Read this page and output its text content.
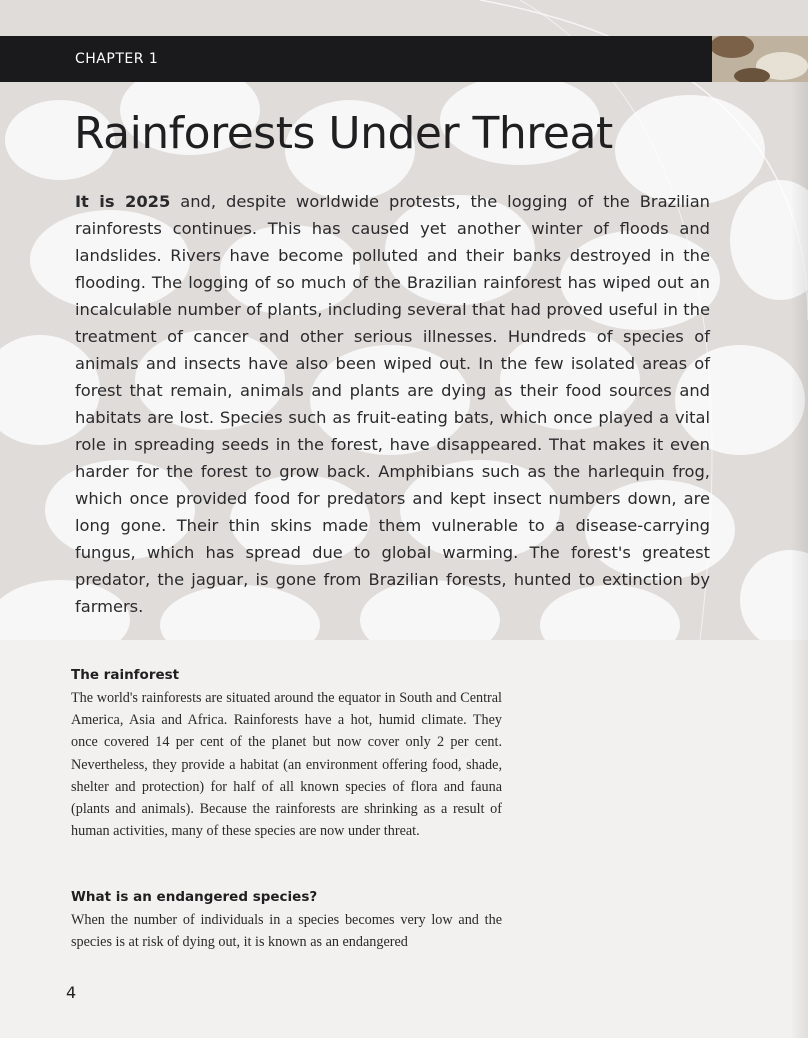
CHAPTER 1
Rainforests Under Threat

It is 2025 and, despite worldwide protests, the logging of the Brazilian rainforests continues. This has caused yet another winter of floods and landslides. Rivers have become polluted and their banks destroyed in the flooding. The logging of so much of the Brazilian rainforest has wiped out an incalculable number of plants, including several that had proved useful in the treatment of cancer and other serious illnesses. Hundreds of species of animals and insects have also been wiped out. In the few isolated areas of forest that remain, animals and plants are dying as their food sources and habitats are lost. Species such as fruit-eating bats, which once played a vital role in spreading seeds in the forest, have disappeared. That makes it even harder for the forest to grow back. Amphibians such as the harlequin frog, which once provided food for predators and kept insect numbers down, are long gone. Their thin skins made them vulnerable to a disease-carrying fungus, which has spread due to global warming. The forest's greatest predator, the jaguar, is gone from Brazilian forests, hunted to extinction by farmers.

The rainforest

The world's rainforests are situated around the equator in South and Central America, Asia and Africa. Rainforests have a hot, humid climate. They once covered 14 per cent of the planet but now cover only 2 per cent. Nevertheless, they provide a habitat (an environment offering food, shade, shelter and protection) for half of all known species of flora and fauna (plants and animals). Because the rainforests are shrinking as a result of human activities, many of these species are now under threat.

What is an endangered species?

When the number of individuals in a species becomes very low and the species is at risk of dying out, it is known as an endangered

4
